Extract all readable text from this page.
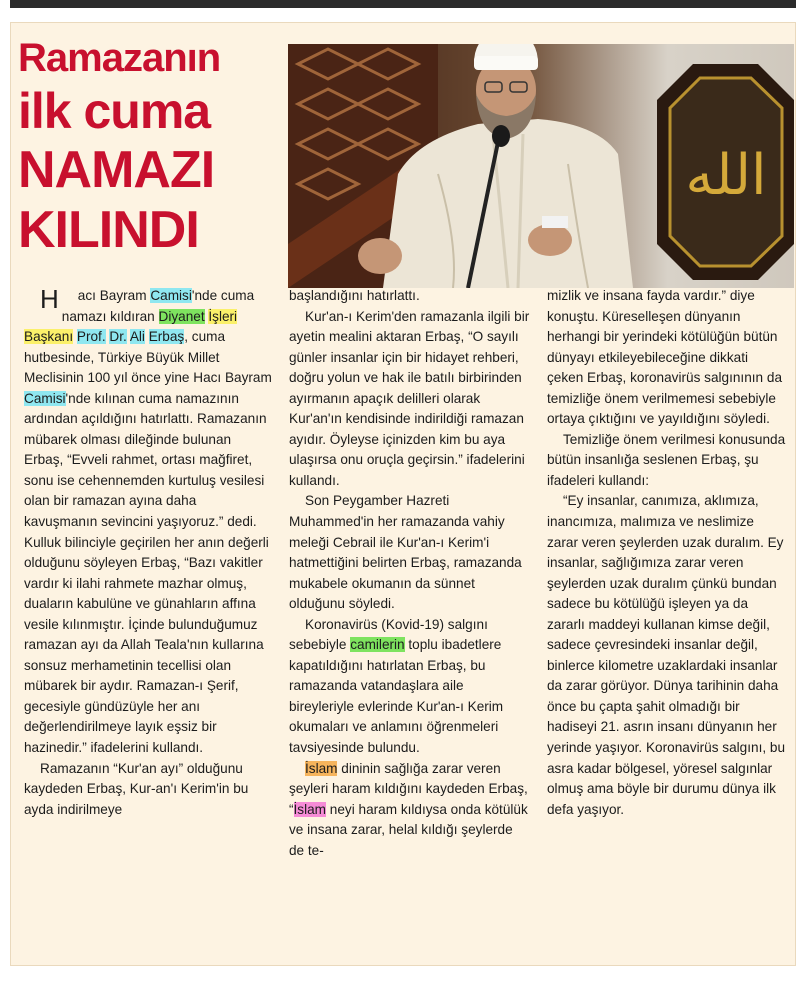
Ramazanın
ilk cuma
NAMAZI
KILINDI
الله

Hacı Bayram Camisi'nde cuma namazı kıldıran Diyanet İşleri Başkanı Prof. Dr. Ali Erbaş, cuma hutbesinde, Türkiye Büyük Millet Meclisinin 100 yıl önce yine Hacı Bayram Camisi'nde kılınan cuma namazının ardından açıldığını hatırlattı. Ramazanın mübarek olması dileğinde bulunan Erbaş, “Evveli rahmet, ortası mağfiret, sonu ise cehennemden kurtuluş vesilesi olan bir ramazan ayına daha kavuşmanın sevincini yaşıyoruz.” dedi. Kulluk bilinciyle geçirilen her anın değerli olduğunu söyleyen Erbaş, “Bazı vakitler vardır ki ilahi rahmete mazhar olmuş, duaların kabulüne ve günahların affına vesile kılınmıştır. İçinde bulunduğumuz ramazan ayı da Allah Teala'nın kullarına sonsuz merhametinin tecellisi olan mübarek bir aydır. Ramazan-ı Şerif, gecesiyle gündüzüyle her anı değerlendirilmeye layık eşsiz bir hazinedir.” ifadelerini kullandı.

Ramazanın “Kur'an ayı” olduğunu kaydeden Erbaş, Kur-an'ı Kerim'in bu ayda indirilmeye

başlandığını hatırlattı.

Kur'an-ı Kerim'den ramazanla ilgili bir ayetin mealini aktaran Erbaş, “O sayılı günler insanlar için bir hidayet rehberi, doğru yolun ve hak ile batılı birbirinden ayırmanın apaçık delilleri olarak Kur'an'ın kendisinde indirildiği ramazan ayıdır. Öyleyse içinizden kim bu aya ulaşırsa onu oruçla geçirsin.” ifadelerini kullandı.

Son Peygamber Hazreti Muhammed'in her ramazanda vahiy meleği Cebrail ile Kur'an-ı Kerim'i hatmettiğini belirten Erbaş, ramazanda mukabele okumanın da sünnet olduğunu söyledi.

Koronavirüs (Kovid-19) salgını sebebiyle camilerin toplu ibadetlere kapatıldığını hatırlatan Erbaş, bu ramazanda vatandaşlara aile bireyleriyle evlerinde Kur'an-ı Kerim okumaları ve anlamını öğrenmeleri tavsiyesinde bulundu.

İslam dininin sağlığa zarar veren şeyleri haram kıldığını kaydeden Erbaş, “İslam neyi haram kıldıysa onda kötülük ve insana zarar, helal kıldığı şeylerde de te-

mizlik ve insana fayda vardır.” diye konuştu. Küreselleşen dünyanın herhangi bir yerindeki kötülüğün bütün dünyayı etkileyebileceğine dikkati çeken Erbaş, koronavirüs salgınının da temizliğe önem verilmemesi sebebiyle ortaya çıktığını ve yayıldığını söyledi.

Temizliğe önem verilmesi konusunda bütün insanlığa seslenen Erbaş, şu ifadeleri kullandı:

“Ey insanlar, canımıza, aklımıza, inancımıza, malımıza ve neslimize zarar veren şeylerden uzak duralım. Ey insanlar, sağlığımıza zarar veren şeylerden uzak duralım çünkü bundan sadece bu kötülüğü işleyen ya da zararlı maddeyi kullanan kimse değil, sadece çevresindeki insanlar değil, binlerce kilometre uzaklardaki insanlar da zarar görüyor. Dünya tarihinin daha önce bu çapta şahit olmadığı bir hadiseyi 21. asrın insanı dünyanın her yerinde yaşıyor. Koronavirüs salgını, bu asra kadar bölgesel, yöresel salgınlar olmuş ama böyle bir durumu dünya ilk defa yaşıyor.
